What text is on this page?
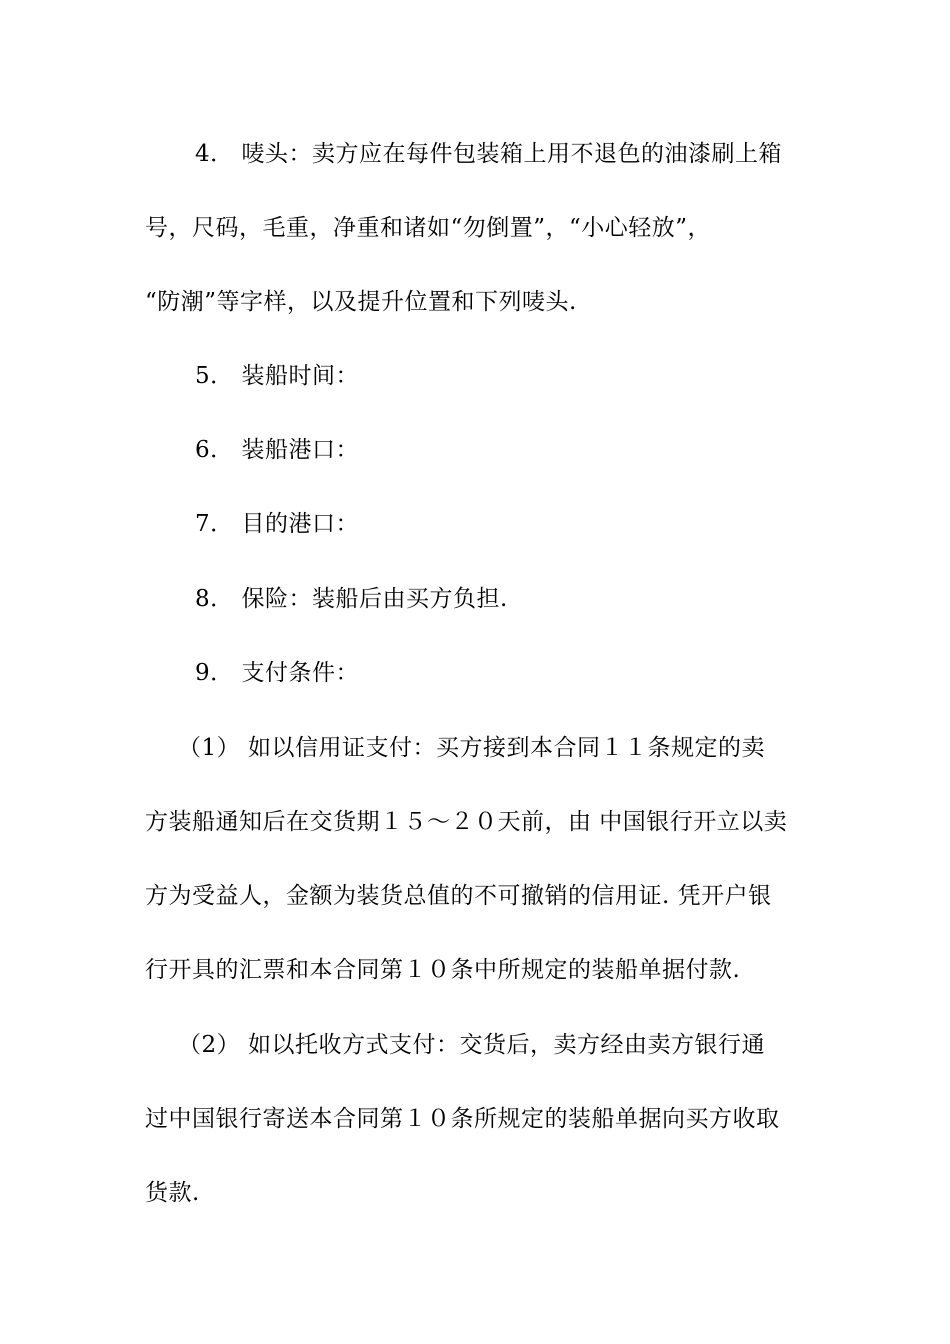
4． 唛头：卖方应在每件包装箱上用不退色的油漆刷上箱
号，尺码，毛重，净重和诸如“勿倒置”，“小心轻放”，
“防潮”等字样，以及提升位置和下列唛头.
5． 装船时间：
6． 装船港口：
7． 目的港口：
8． 保险：装船后由买方负担.
9． 支付条件：
（1） 如以信用证支付：买方接到本合同１１条规定的卖
方装船通知后在交货期１５～２０天前，由 中国银行开立以卖
方为受益人，金额为装货总值的不可撤销的信用证. 凭开户银
行开具的汇票和本合同第１０条中所规定的装船单据付款.
（2） 如以托收方式支付：交货后，卖方经由卖方银行通
过中国银行寄送本合同第１０条所规定的装船单据向买方收取
货款.
